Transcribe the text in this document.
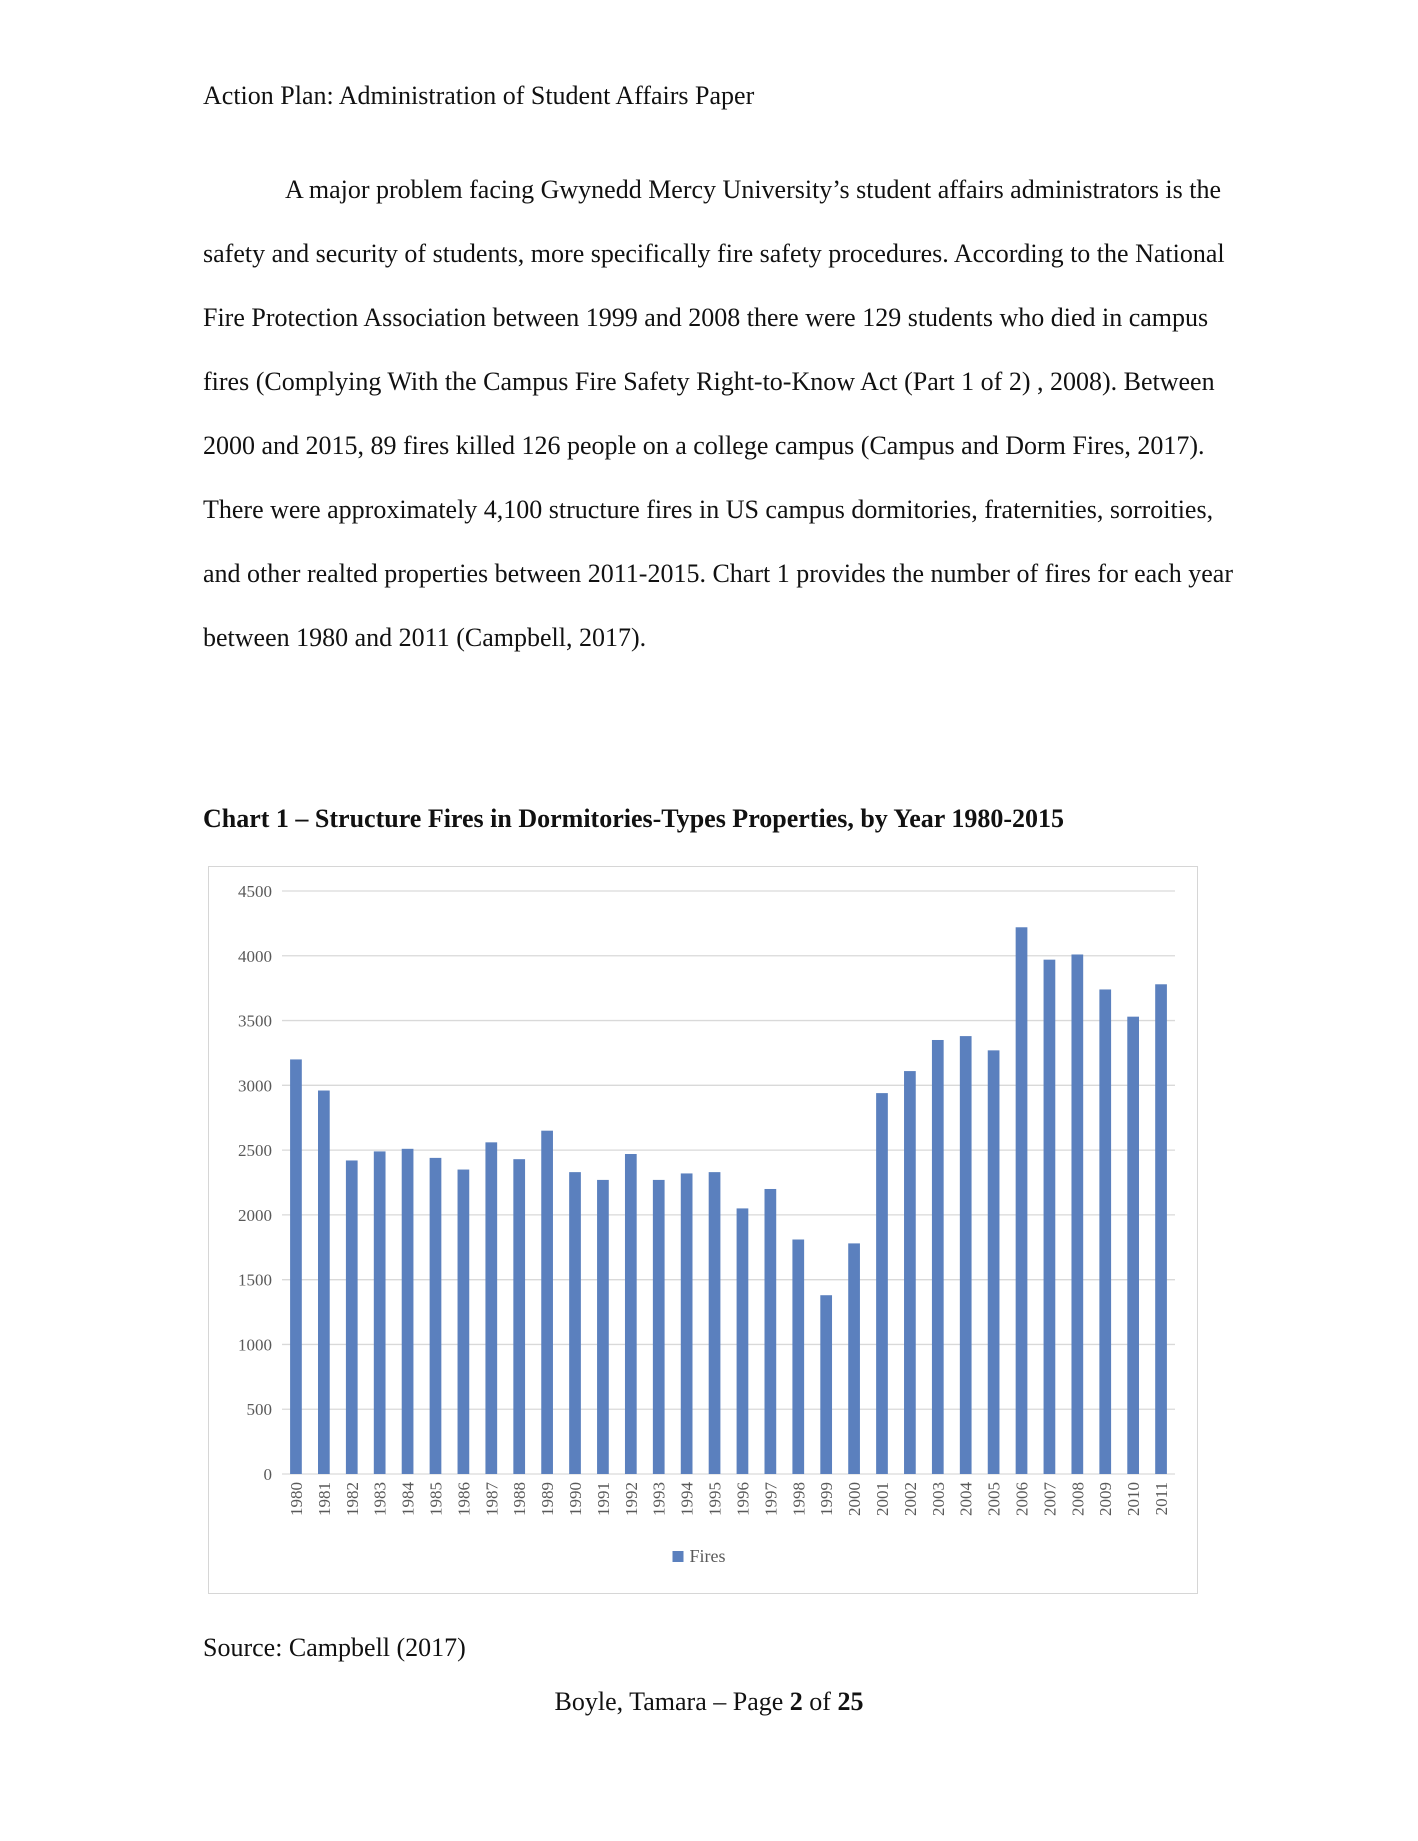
Action Plan: Administration of Student Affairs Paper
A major problem facing Gwynedd Mercy University’s student affairs administrators is the safety and security of students, more specifically fire safety procedures. According to the National Fire Protection Association between 1999 and 2008 there were 129 students who died in campus fires (Complying With the Campus Fire Safety Right-to-Know Act (Part 1 of 2) , 2008). Between 2000 and 2015, 89 fires killed 126 people on a college campus (Campus and Dorm Fires, 2017). There were approximately 4,100 structure fires in US campus dormitories, fraternities, sorroities, and other realted properties between 2011-2015. Chart 1 provides the number of fires for each year between 1980 and 2011 (Campbell, 2017).
Chart 1 – Structure Fires in Dormitories-Types Properties, by Year 1980-2015
0
500
1000
1500
2000
2500
3000
3500
4000
4500
1980 1981 1982 1983 1984 1985 1986 1987 1988 1989 1990 1991 1992 1993 1994 1995 1996 1997 1998 1999 2000 2001 2002 2003 2004 2005 2006 2007 2008 2009 2010 2011
Fires
Source: Campbell (2017)
Boyle, Tamara – Page 2 of 25
